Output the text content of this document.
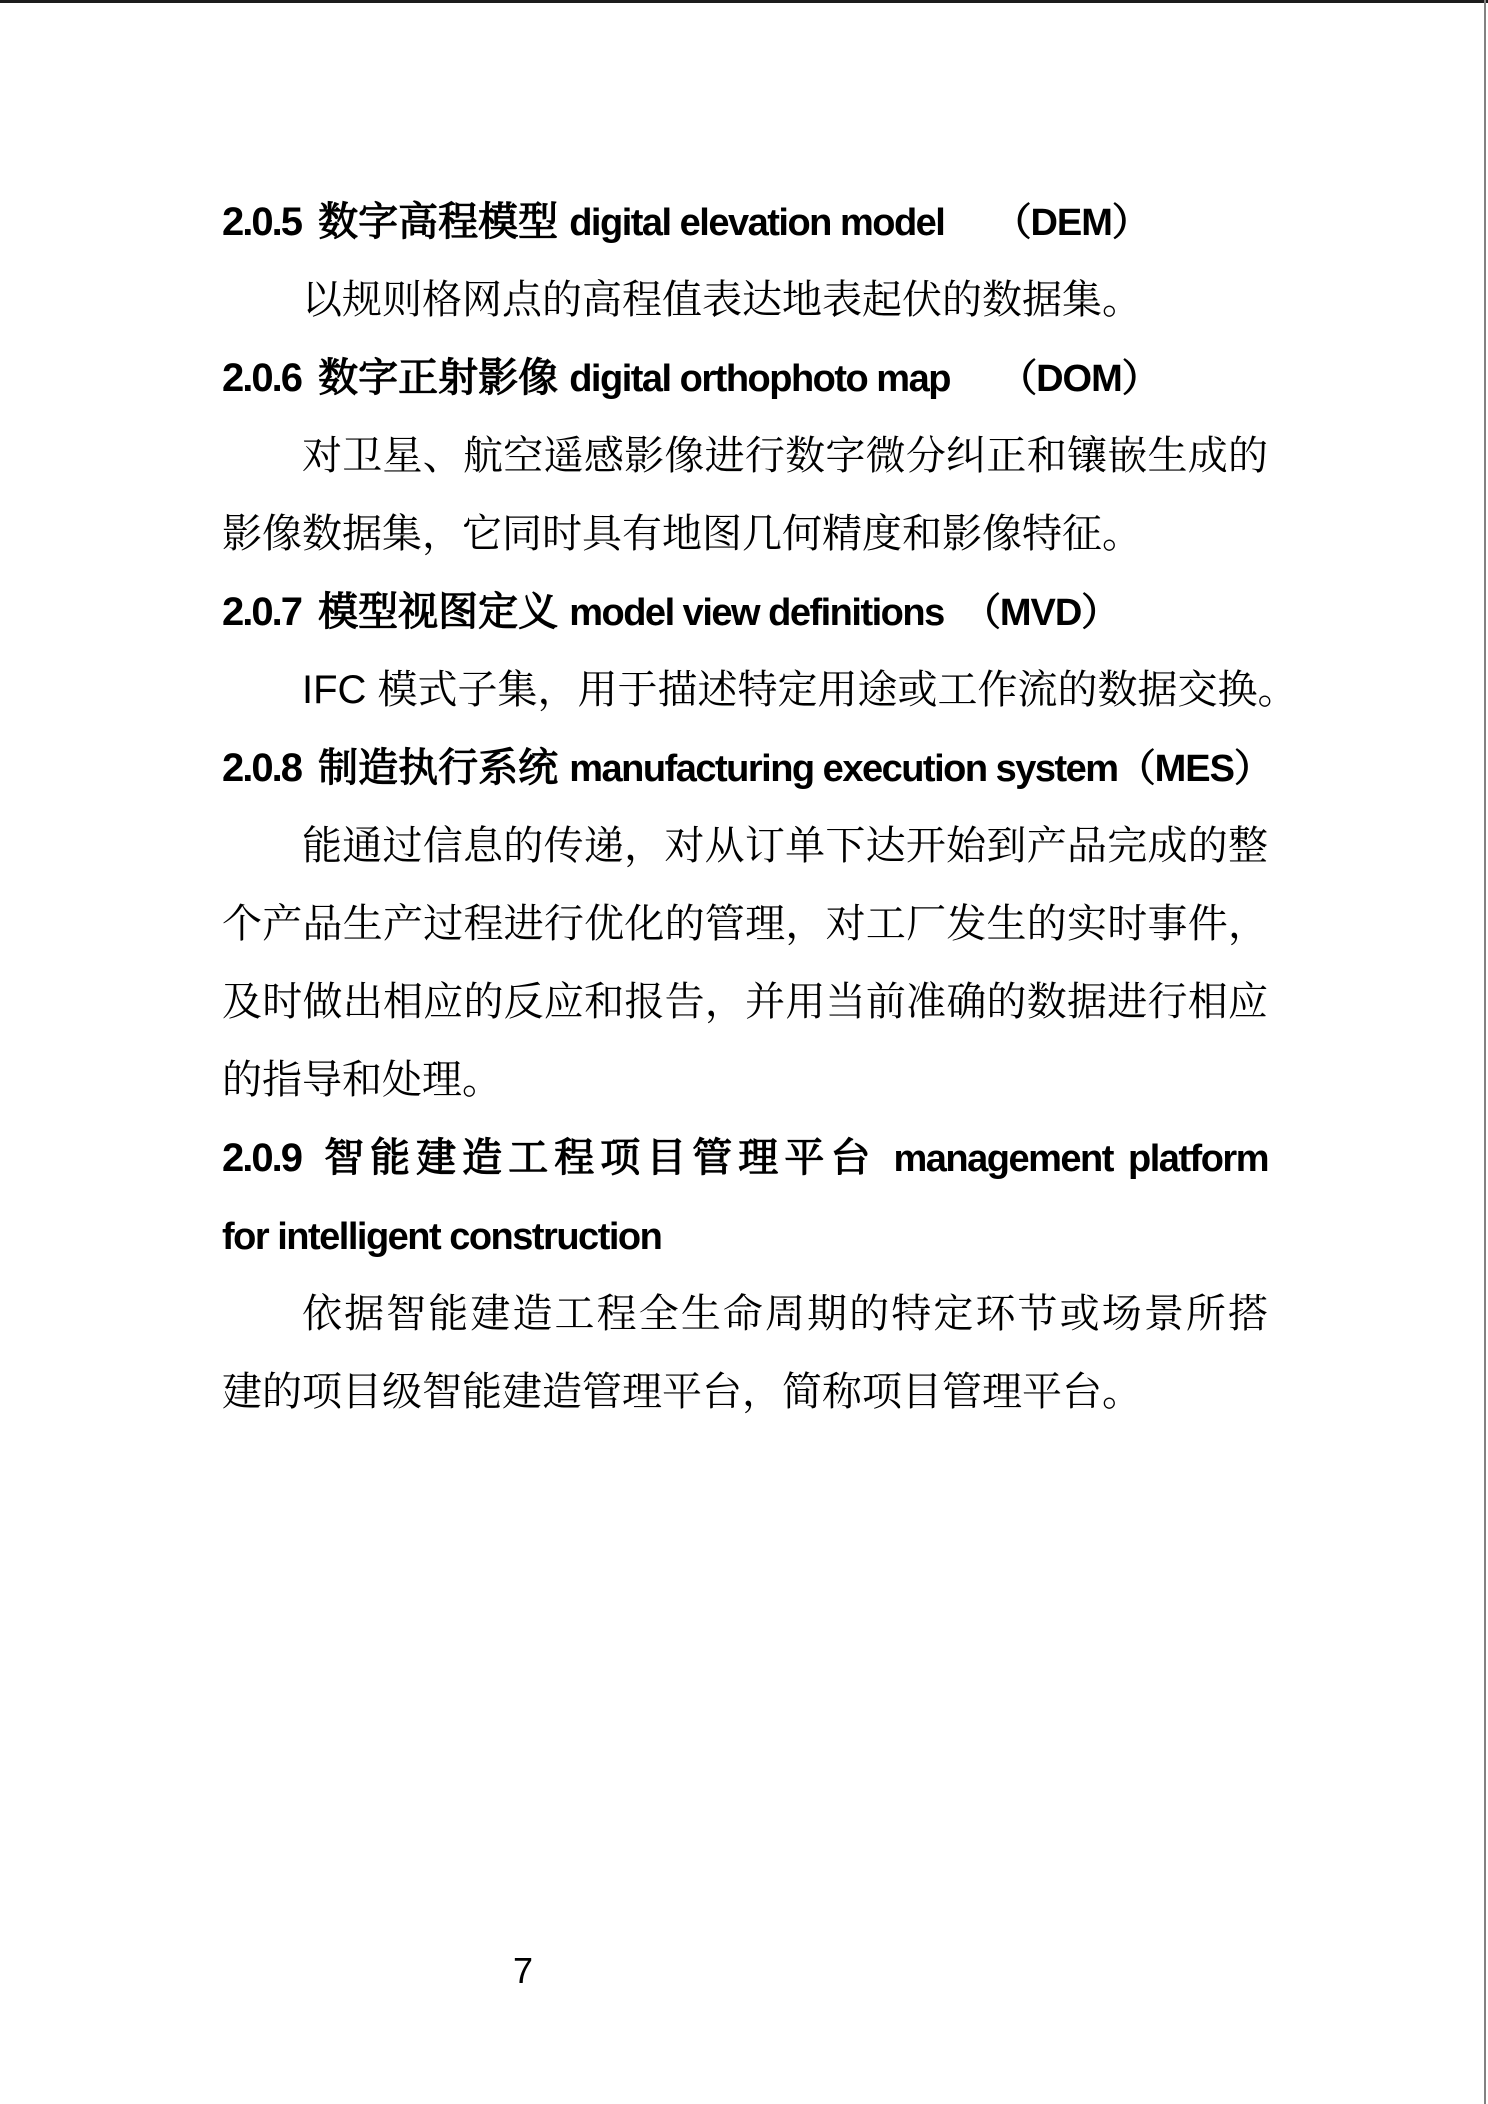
2.0.5 数字高程模型 digital elevation model （DEM）
以规则格网点的高程值表达地表起伏的数据集。
2.0.6 数字正射影像 digital orthophoto map （DOM）
对卫星、航空遥感影像进行数字微分纠正和镶嵌生成的
影像数据集，它同时具有地图几何精度和影像特征。
2.0.7 模型视图定义 model view definitions （MVD）
IFC 模式子集，用于描述特定用途或工作流的数据交换。
2.0.8 制造执行系统 manufacturing execution system（MES）
能通过信息的传递，对从订单下达开始到产品完成的整
个产品生产过程进行优化的管理，对工厂发生的实时事件，
及时做出相应的反应和报告，并用当前准确的数据进行相应
的指导和处理。
2.0.9 智能建造工程项目管理平台 management platform
for intelligent construction
依据智能建造工程全生命周期的特定环节或场景所搭
建的项目级智能建造管理平台，简称项目管理平台。
7
